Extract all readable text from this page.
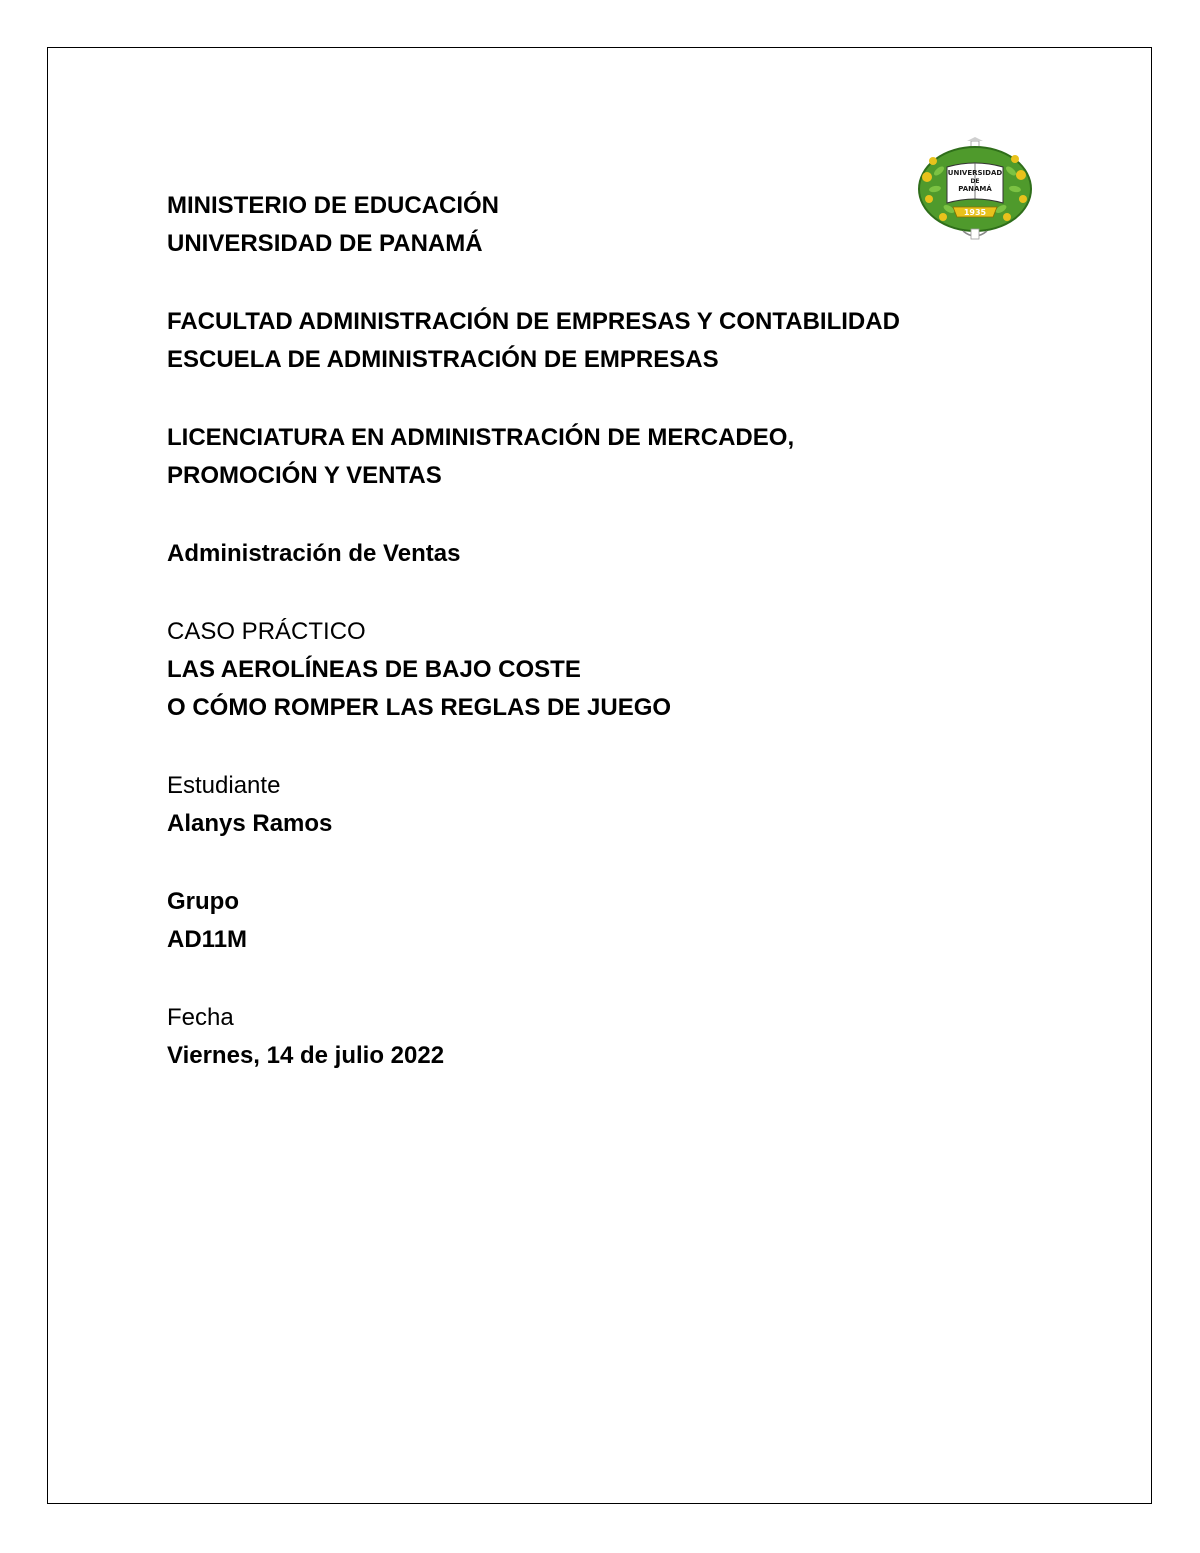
UNIVERSIDAD
DE
PANAMÁ
1935
MINISTERIO DE EDUCACIÓN
UNIVERSIDAD DE PANAMÁ
FACULTAD ADMINISTRACIÓN DE EMPRESAS Y CONTABILIDAD
ESCUELA DE ADMINISTRACIÓN DE EMPRESAS
LICENCIATURA EN ADMINISTRACIÓN DE MERCADEO,
PROMOCIÓN Y VENTAS
Administración de Ventas
CASO PRÁCTICO
LAS AEROLÍNEAS DE BAJO COSTE
O CÓMO ROMPER LAS REGLAS DE JUEGO
Estudiante
Alanys Ramos
Grupo
AD11M
Fecha
Viernes, 14 de julio 2022
